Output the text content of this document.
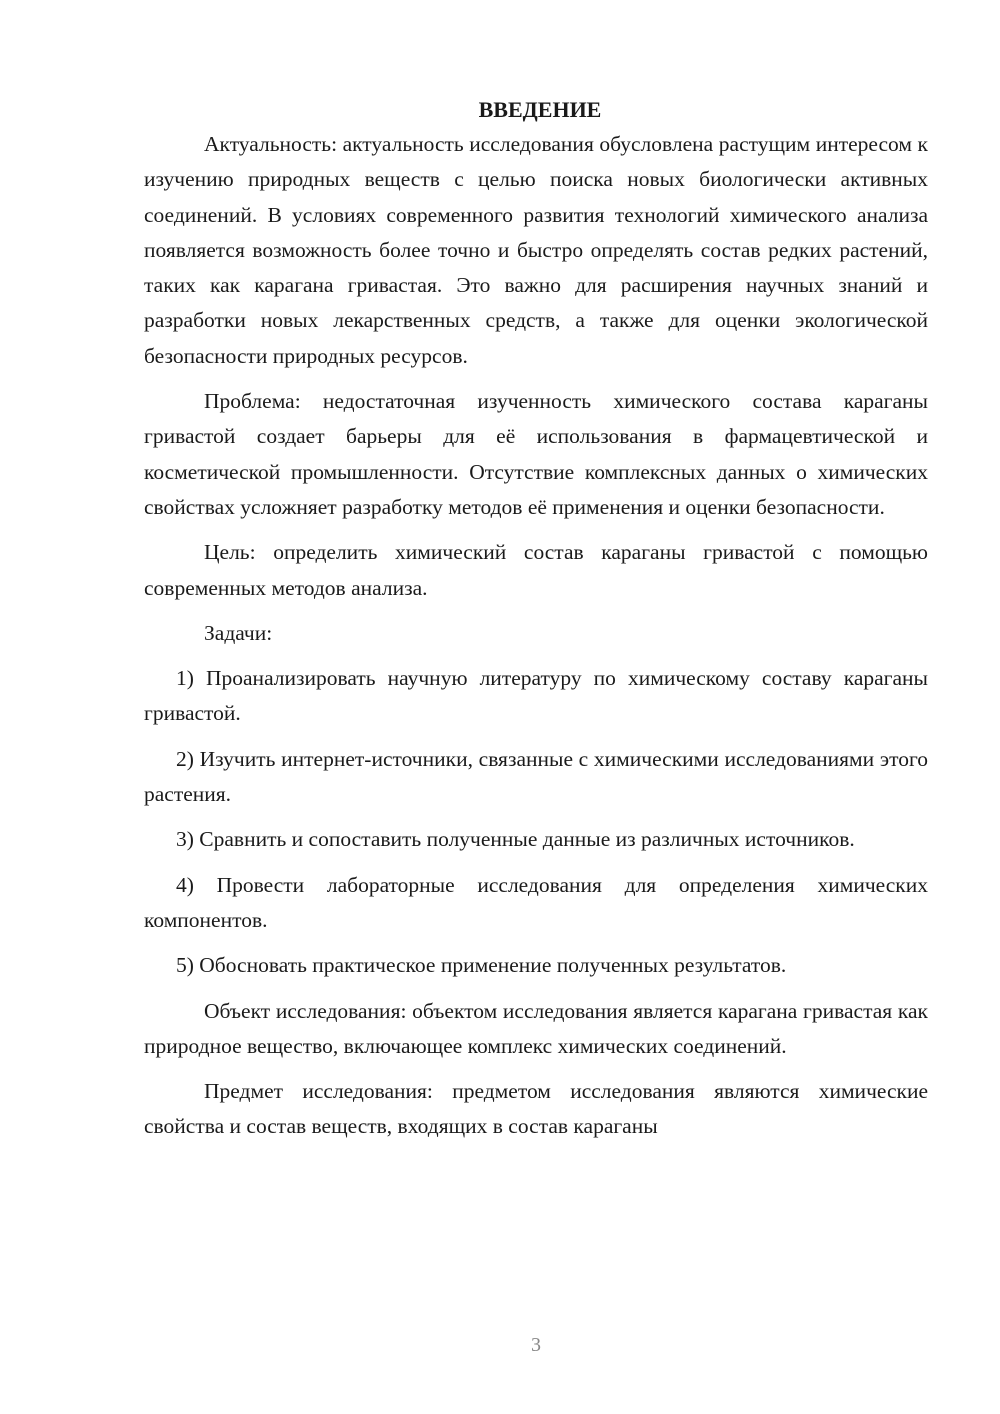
ВВЕДЕНИЕ

Актуальность: актуальность исследования обусловлена растущим интересом к изучению природных веществ с целью поиска новых биологически активных соединений. В условиях современного развития технологий химического анализа появляется возможность более точно и быстро определять состав редких растений, таких как карагана гривастая. Это важно для расширения научных знаний и разработки новых лекарственных средств, а также для оценки экологической безопасности природных ресурсов.

Проблема: недостаточная изученность химического состава караганы гривастой создает барьеры для её использования в фармацевтической и косметической промышленности. Отсутствие комплексных данных о химических свойствах усложняет разработку методов её применения и оценки безопасности.

Цель: определить химический состав караганы гривастой с помощью современных методов анализа.

Задачи:

1) Проанализировать научную литературу по химическому составу караганы гривастой.

2) Изучить интернет-источники, связанные с химическими исследованиями этого растения.

3) Сравнить и сопоставить полученные данные из различных источников.

4) Провести лабораторные исследования для определения химических компонентов.

5) Обосновать практическое применение полученных результатов.

Объект исследования: объектом исследования является карагана гривастая как природное вещество, включающее комплекс химических соединений.

Предмет исследования: предметом исследования являются химические свойства и состав веществ, входящих в состав караганы

3
